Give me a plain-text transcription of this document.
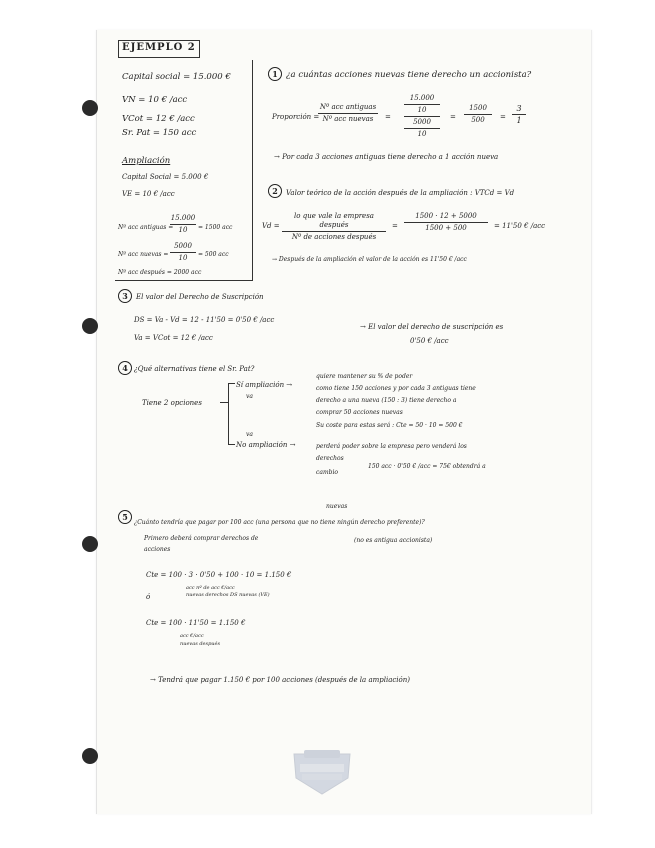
EJEMPLO 2
Capital social = 15.000 €
VN = 10 € /acc
VCot = 12 € /acc
Sr. Pat = 150 acc
Ampliación
Capital Social = 5.000 €
VE = 10 € /acc
Nº acc antiguas =
15.000
10	= 1500 acc
Nº acc nuevas =
5000
10	= 500 acc
Nº acc después = 2000 acc
1 ¿a cuántas acciones nuevas tiene derecho un accionista?
Proporción =
Nº acc antiguas
Nº acc nuevas	=
15.000
10
5000
10
=
1500
500	=
3
1
→ Por cada 3 acciones antiguas tiene derecho a 1 acción nueva
2	Valor teórico de la acción después de la ampliación : VTCd = Vd
Vd =
lo que vale la empresa después
Nº de acciones después
=
1500 · 12 + 5000
1500 + 500	= 11'50 € /acc
→ Después de la ampliación el valor de la acción es 11'50 € /acc
3	El valor del Derecho de Suscripción
DS = Va - Vd = 12 - 11'50 = 0'50 € /acc
Va = VCot = 12 € /acc
→ El valor del derecho de suscripción es
0'50 € /acc
4 ¿Qué alternativas tiene el Sr. Pat?
Tiene 2 opciones
Sí ampliación →
va
quiere mantener su % de poder
como tiene 150 acciones y por cada 3 antiguas tiene
derecho a una nueva (150 : 3) tiene derecho a
comprar 50 acciones nuevas
Su coste para estas será : Cte = 50 · 10 = 500 €
va
No ampliación →	perderá poder sobre la empresa pero venderá los
derechos
150 acc · 0'50 € /acc = 75€ obtendrá a
cambio
5
nuevas
¿Cuánto tendría que pagar por 100 acc (una persona que no tiene ningún derecho preferente)?
(no es antigua accionista)
Primero deberá comprar derechos de
acciones
Cte = 100 · 3 · 0'50 + 100 · 10 = 1.150 €
acc nº de acc €/acc
nuevas derechos DS nuevas (VE)
ó
Cte = 100 · 11'50 = 1.150 €
acc €/acc
nuevas después
→ Tendrá que pagar 1.150 € por 100 acciones (después de la ampliación)
